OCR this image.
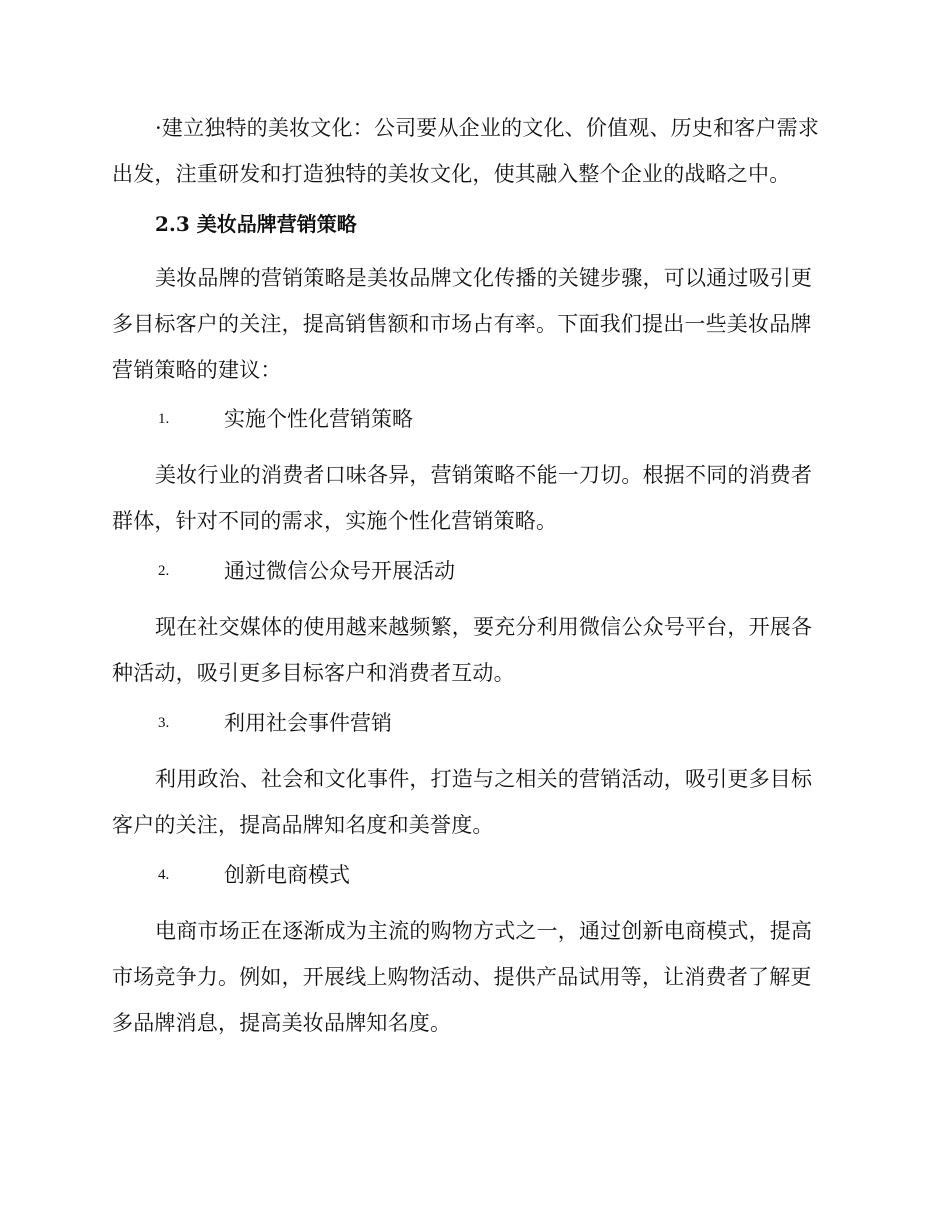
·建立独特的美妆文化：公司要从企业的文化、价值观、历史和客户需求出发，注重研发和打造独特的美妆文化，使其融入整个企业的战略之中。

2.3 美妆品牌营销策略

美妆品牌的营销策略是美妆品牌文化传播的关键步骤，可以通过吸引更多目标客户的关注，提高销售额和市场占有率。下面我们提出一些美妆品牌营销策略的建议：

1.	实施个性化营销策略

美妆行业的消费者口味各异，营销策略不能一刀切。根据不同的消费者群体，针对不同的需求，实施个性化营销策略。

2.	通过微信公众号开展活动

现在社交媒体的使用越来越频繁，要充分利用微信公众号平台，开展各种活动，吸引更多目标客户和消费者互动。

3.	利用社会事件营销

利用政治、社会和文化事件，打造与之相关的营销活动，吸引更多目标客户的关注，提高品牌知名度和美誉度。

4.	创新电商模式

电商市场正在逐渐成为主流的购物方式之一，通过创新电商模式，提高市场竞争力。例如，开展线上购物活动、提供产品试用等，让消费者了解更多品牌消息，提高美妆品牌知名度。
